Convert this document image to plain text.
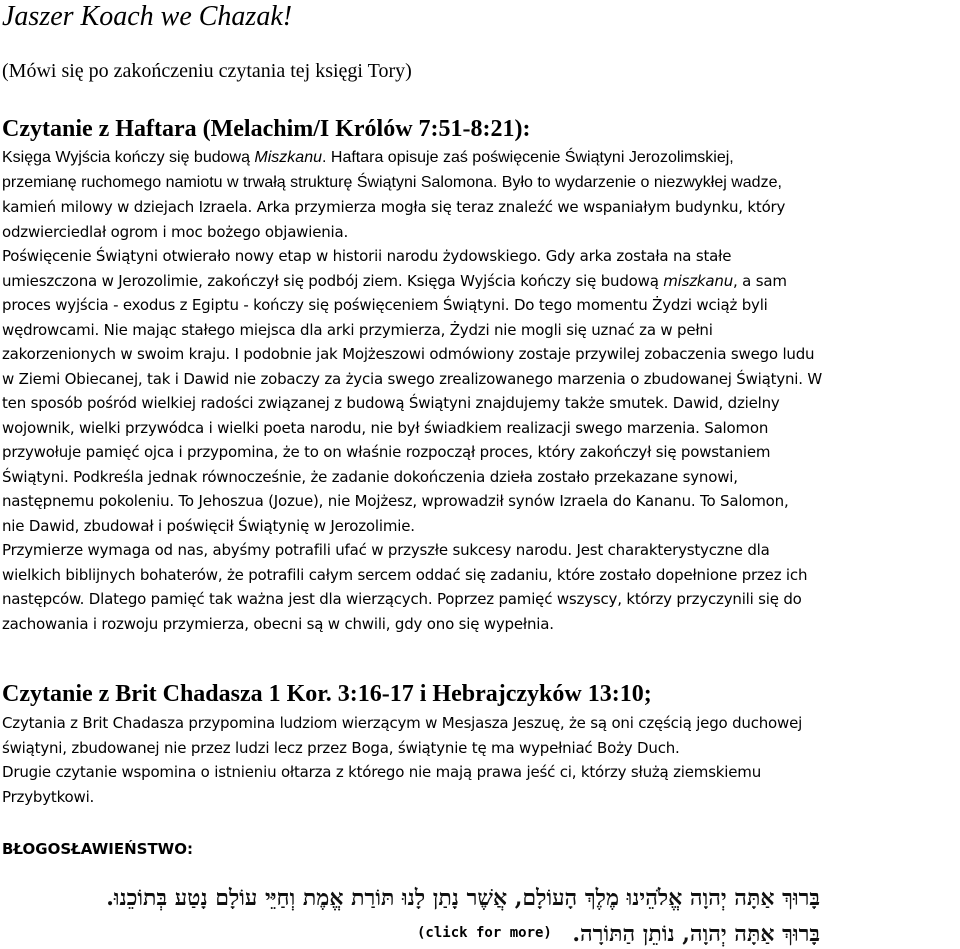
Jaszer Koach we Chazak!
(Mówi się po zakończeniu czytania tej księgi Tory)
Czytanie z Haftara (Melachim/I Królów 7:51-8:21):
Księga Wyjścia kończy się budową Miszkanu. Haftara opisuje zaś poświęcenie Świątyni Jerozolimskiej,
przemianę ruchomego namiotu w trwałą strukturę Świątyni Salomona. Było to wydarzenie o niezwykłej wadze,
kamień milowy w dziejach Izraela. Arka przymierza mogła się teraz znaleźć we wspaniałym budynku, który
odzwierciedlał ogrom i moc bożego objawienia.
Poświęcenie Świątyni otwierało nowy etap w historii narodu żydowskiego. Gdy arka została na stałe
umieszczona w Jerozolimie, zakończył się podbój ziem. Księga Wyjścia kończy się budową miszkanu, a sam
proces wyjścia - exodus z Egiptu - kończy się poświęceniem Świątyni. Do tego momentu Żydzi wciąż byli
wędrowcami. Nie mając stałego miejsca dla arki przymierza, Żydzi nie mogli się uznać za w pełni
zakorzenionych w swoim kraju. I podobnie jak Mojżeszowi odmówiony zostaje przywilej zobaczenia swego ludu
w Ziemi Obiecanej, tak i Dawid nie zobaczy za życia swego zrealizowanego marzenia o zbudowanej Świątyni. W
ten sposób pośród wielkiej radości związanej z budową Świątyni znajdujemy także smutek. Dawid, dzielny
wojownik, wielki przywódca i wielki poeta narodu, nie był świadkiem realizacji swego marzenia. Salomon
przywołuje pamięć ojca i przypomina, że to on właśnie rozpoczął proces, który zakończył się powstaniem
Świątyni. Podkreśla jednak równocześnie, że zadanie dokończenia dzieła zostało przekazane synowi,
następnemu pokoleniu. To Jehoszua (Jozue), nie Mojżesz, wprowadził synów Izraela do Kananu. To Salomon,
nie Dawid, zbudował i poświęcił Świątynię w Jerozolimie.
Przymierze wymaga od nas, abyśmy potrafili ufać w przyszłe sukcesy narodu. Jest charakterystyczne dla
wielkich biblijnych bohaterów, że potrafili całym sercem oddać się zadaniu, które zostało dopełnione przez ich
następców. Dlatego pamięć tak ważna jest dla wierzących. Poprzez pamięć wszyscy, którzy przyczynili się do
zachowania i rozwoju przymierza, obecni są w chwili, gdy ono się wypełnia.
Czytanie z Brit Chadasza 1 Kor. 3:16-17 i Hebrajczyków 13:10;
Czytania z Brit Chadasza przypomina ludziom wierzącym w Mesjasza Jeszuę, że są oni częścią jego duchowej
świątyni, zbudowanej nie przez ludzi lecz przez Boga, świątynie tę ma wypełniać Boży Duch.
Drugie czytanie wspomina o istnieniu ołtarza z którego nie mają prawa jeść ci, którzy służą ziemskiemu
Przybytkowi.
BŁOGOSŁAWIEŃSTWO:
בָּרוּךְ אַתָּה יְהוָה אֱלֹהֵינוּ מֶלֶךְ הָעוֹלָם, אֲשֶׁר נָתַן לָנוּ תּוֹרַת אֱמֶת וְחַיֵּי עוֹלָם נָטַע בְּתוֹכֵנוּ.
בָּרוּךְ אַתָּה יְהוָה, נוֹתֵן הַתּוֹרָה.
(click for more)
